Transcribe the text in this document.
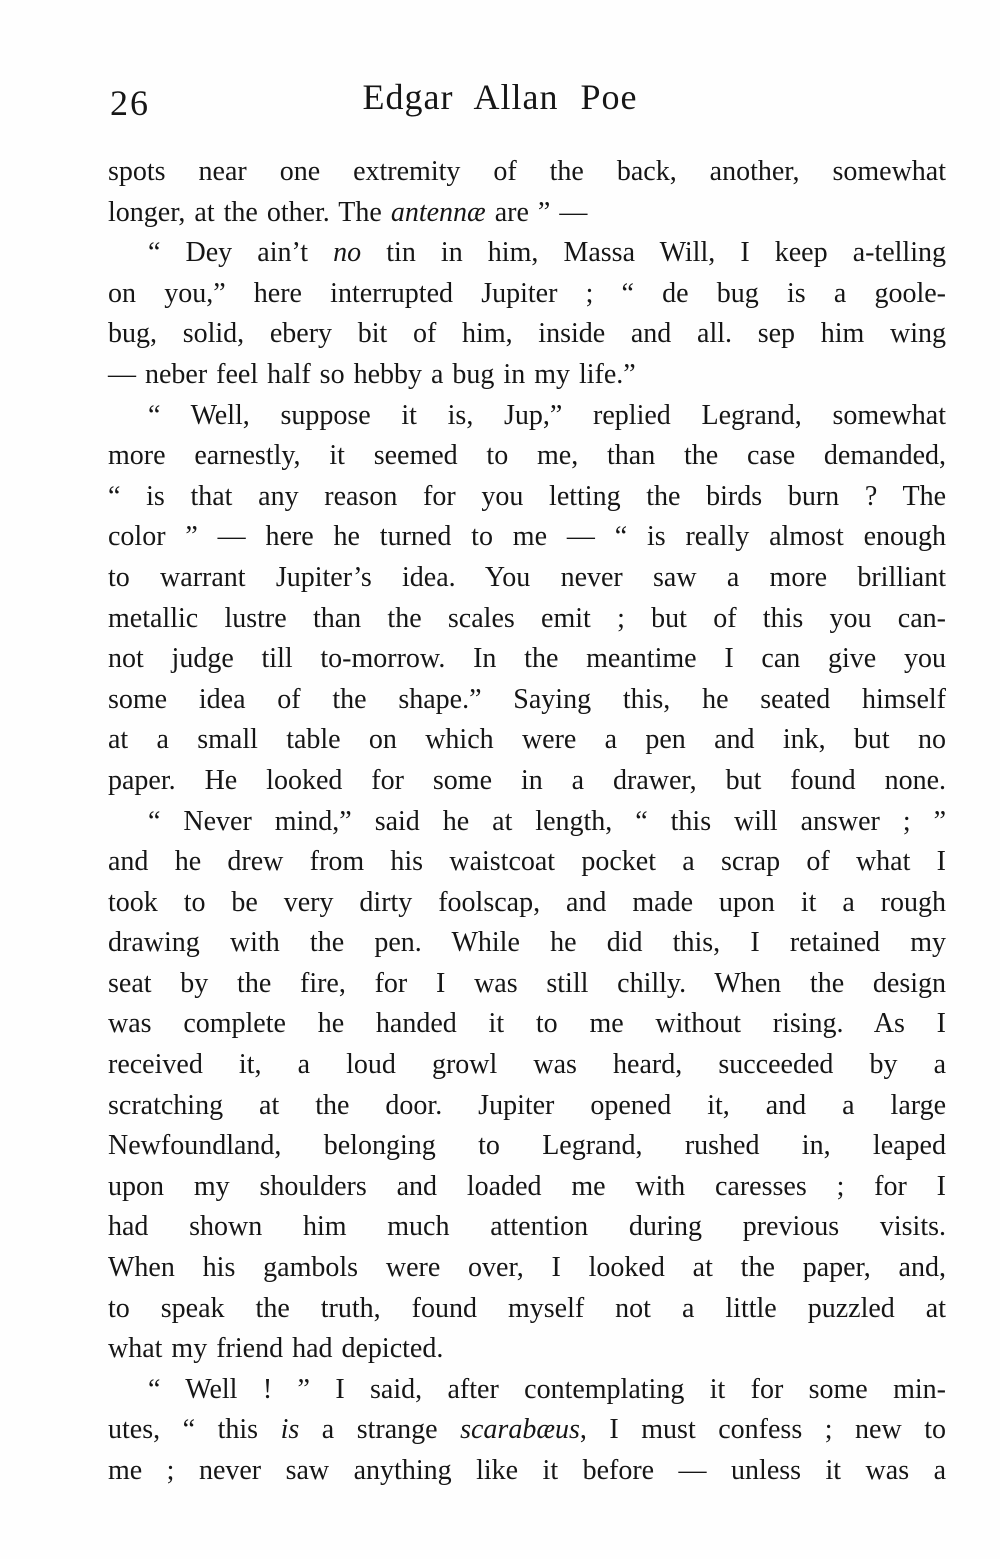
26	Edgar Allan Poe
spots near one extremity of the back, another, somewhat
longer, at the other. The antennæ are ” —
“ Dey ain’t no tin in him, Massa Will, I keep a-telling
on you,” here interrupted Jupiter ; “ de bug is a goole-
bug, solid, ebery bit of him, inside and all. sep him wing
— neber feel half so hebby a bug in my life.”
“ Well, suppose it is, Jup,” replied Legrand, somewhat
more earnestly, it seemed to me, than the case demanded,
“ is that any reason for you letting the birds burn ? The
color ” — here he turned to me — “ is really almost enough
to warrant Jupiter’s idea. You never saw a more brilliant
metallic lustre than the scales emit ; but of this you can-
not judge till to-morrow. In the meantime I can give you
some idea of the shape.” Saying this, he seated himself
at a small table on which were a pen and ink, but no
paper. He looked for some in a drawer, but found none.
“ Never mind,” said he at length, “ this will answer ; ”
and he drew from his waistcoat pocket a scrap of what I
took to be very dirty foolscap, and made upon it a rough
drawing with the pen. While he did this, I retained my
seat by the fire, for I was still chilly. When the design
was complete he handed it to me without rising. As I
received it, a loud growl was heard, succeeded by a
scratching at the door. Jupiter opened it, and a large
Newfoundland, belonging to Legrand, rushed in, leaped
upon my shoulders and loaded me with caresses ; for I
had shown him much attention during previous visits.
When his gambols were over, I looked at the paper, and,
to speak the truth, found myself not a little puzzled at
what my friend had depicted.
“ Well ! ” I said, after contemplating it for some min-
utes, “ this is a strange scarabæus, I must confess ; new to
me ; never saw anything like it before — unless it was a
